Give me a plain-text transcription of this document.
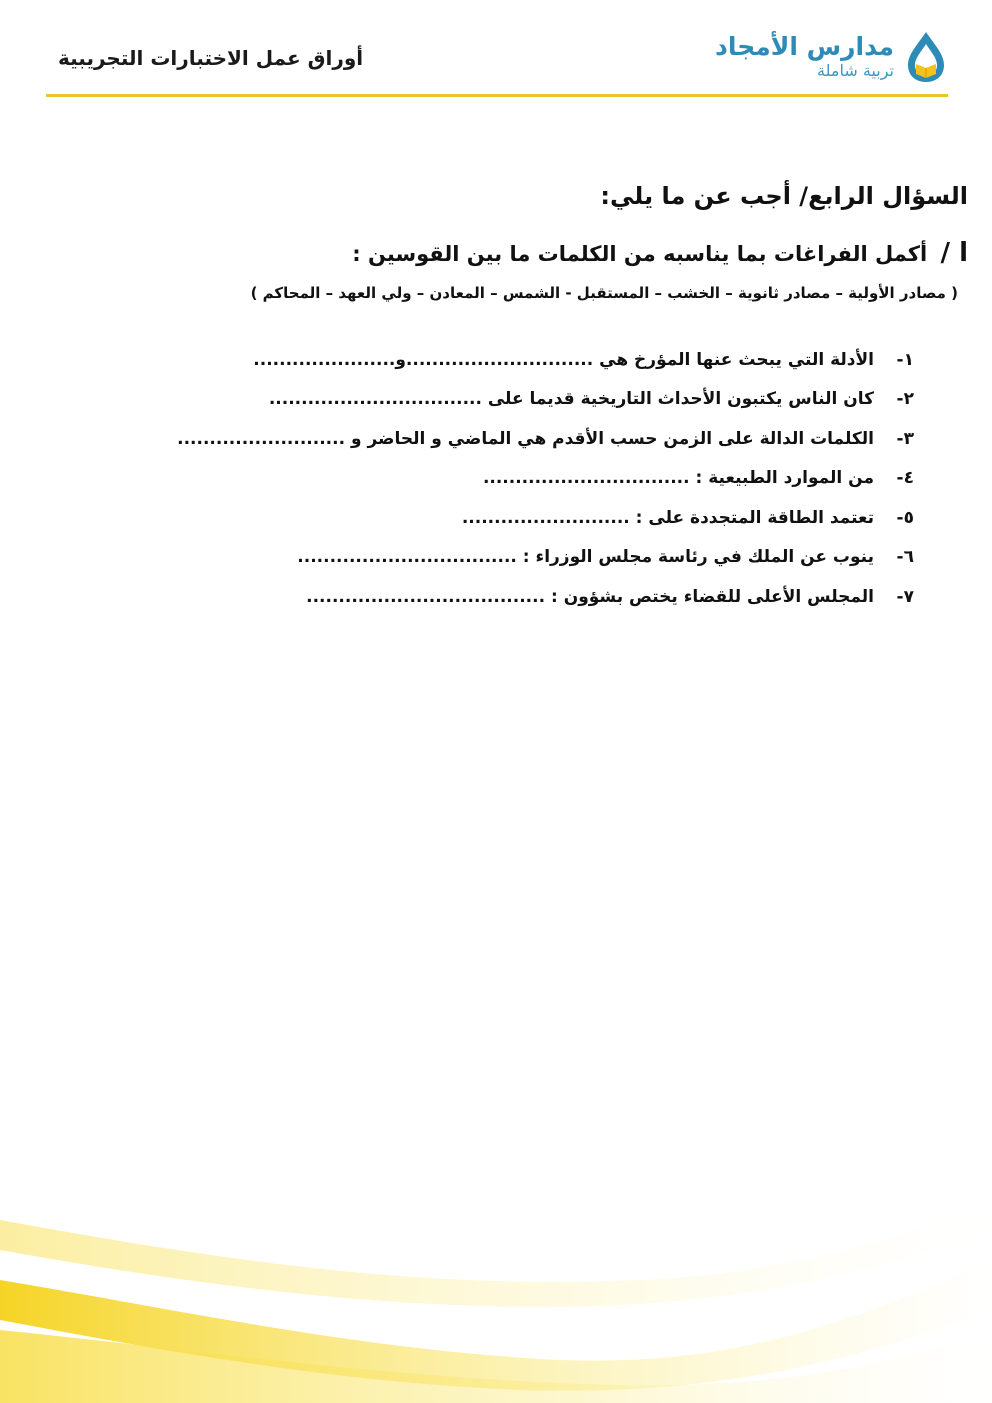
مدارس الأمجاد
تربية شاملة
أوراق عمل الاختبارات التجريبية
السؤال الرابع/ أجب عن ما يلي:
ا / أكمل الفراغات بما يناسبه من الكلمات ما بين القوسين :
( مصادر الأولية – مصادر ثانوية – الخشب – المستقبل - الشمس – المعادن – ولي العهد – المحاكم )
١-الأدلة التي يبحث عنها المؤرخ هي .............................و......................
٢-كان الناس يكتبون الأحداث التاريخية قديما على .................................
٣-الكلمات الدالة على الزمن حسب الأقدم هي الماضي و الحاضر و ..........................
٤-من الموارد الطبيعية : ................................
٥-تعتمد الطاقة المتجددة على : ..........................
٦-ينوب عن الملك في رئاسة مجلس الوزراء : ..................................
٧-المجلس الأعلى للقضاء يختص بشؤون : .....................................
